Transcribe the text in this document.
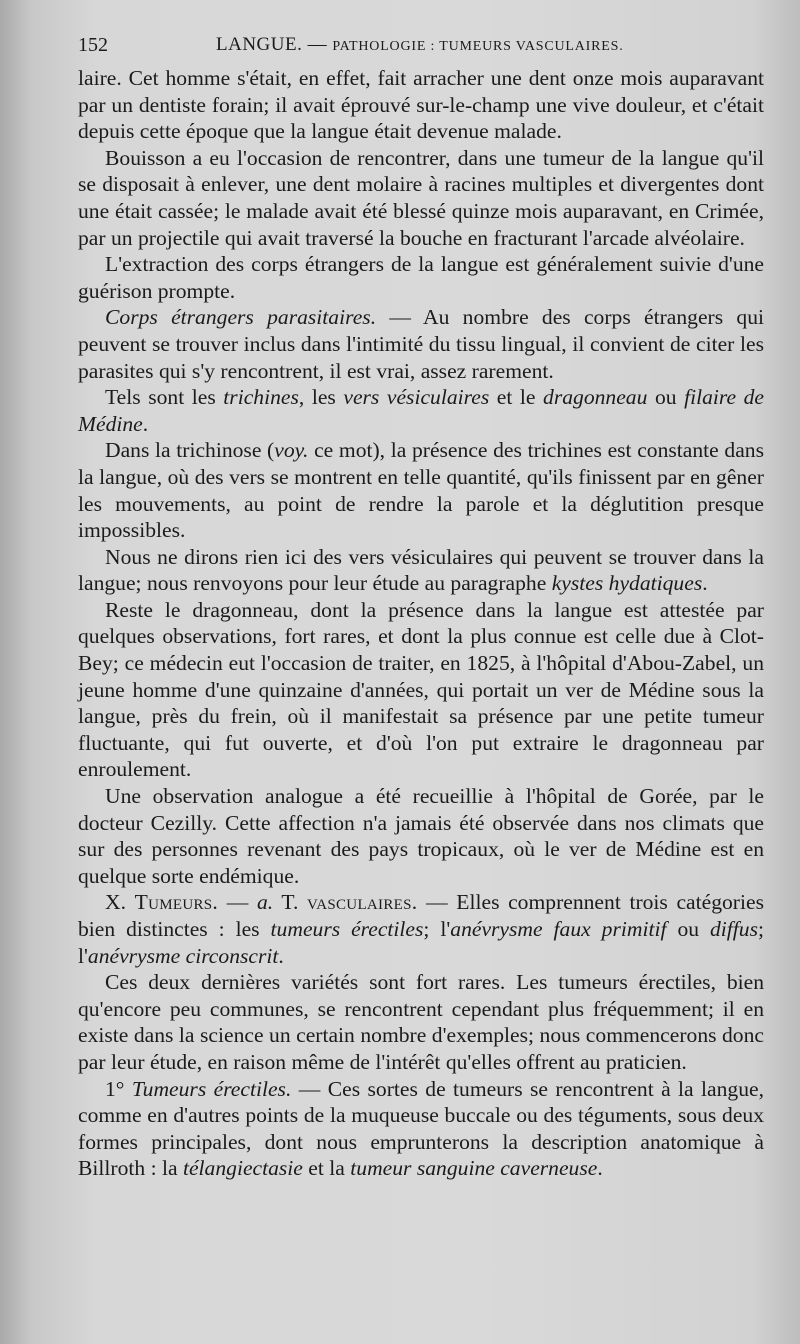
152	LANGUE. — PATHOLOGIE : TUMEURS VASCULAIRES.

laire. Cet homme s'était, en effet, fait arracher une dent onze mois auparavant par un dentiste forain; il avait éprouvé sur-le-champ une vive douleur, et c'était depuis cette époque que la langue était devenue malade.

Bouisson a eu l'occasion de rencontrer, dans une tumeur de la langue qu'il se disposait à enlever, une dent molaire à racines multiples et divergentes dont une était cassée; le malade avait été blessé quinze mois auparavant, en Crimée, par un projectile qui avait traversé la bouche en fracturant l'arcade alvéolaire.

L'extraction des corps étrangers de la langue est généralement suivie d'une guérison prompte.

Corps étrangers parasitaires. — Au nombre des corps étrangers qui peuvent se trouver inclus dans l'intimité du tissu lingual, il convient de citer les parasites qui s'y rencontrent, il est vrai, assez rarement.

Tels sont les trichines, les vers vésiculaires et le dragonneau ou filaire de Médine.

Dans la trichinose (voy. ce mot), la présence des trichines est constante dans la langue, où des vers se montrent en telle quantité, qu'ils finissent par en gêner les mouvements, au point de rendre la parole et la déglutition presque impossibles.

Nous ne dirons rien ici des vers vésiculaires qui peuvent se trouver dans la langue; nous renvoyons pour leur étude au paragraphe kystes hydatiques.

Reste le dragonneau, dont la présence dans la langue est attestée par quelques observations, fort rares, et dont la plus connue est celle due à Clot-Bey; ce médecin eut l'occasion de traiter, en 1825, à l'hôpital d'Abou-Zabel, un jeune homme d'une quinzaine d'années, qui portait un ver de Médine sous la langue, près du frein, où il manifestait sa présence par une petite tumeur fluctuante, qui fut ouverte, et d'où l'on put extraire le dragonneau par enroulement.

Une observation analogue a été recueillie à l'hôpital de Gorée, par le docteur Cezilly. Cette affection n'a jamais été observée dans nos climats que sur des personnes revenant des pays tropicaux, où le ver de Médine est en quelque sorte endémique.

X. Tumeurs. — a. T. vasculaires. — Elles comprennent trois catégories bien distinctes : les tumeurs érectiles; l'anévrysme faux primitif ou diffus; l'anévrysme circonscrit.

Ces deux dernières variétés sont fort rares. Les tumeurs érectiles, bien qu'encore peu communes, se rencontrent cependant plus fréquemment; il en existe dans la science un certain nombre d'exemples; nous commencerons donc par leur étude, en raison même de l'intérêt qu'elles offrent au praticien.

1° Tumeurs érectiles. — Ces sortes de tumeurs se rencontrent à la langue, comme en d'autres points de la muqueuse buccale ou des téguments, sous deux formes principales, dont nous emprunterons la description anatomique à Billroth : la télangiectasie et la tumeur sanguine caverneuse.
